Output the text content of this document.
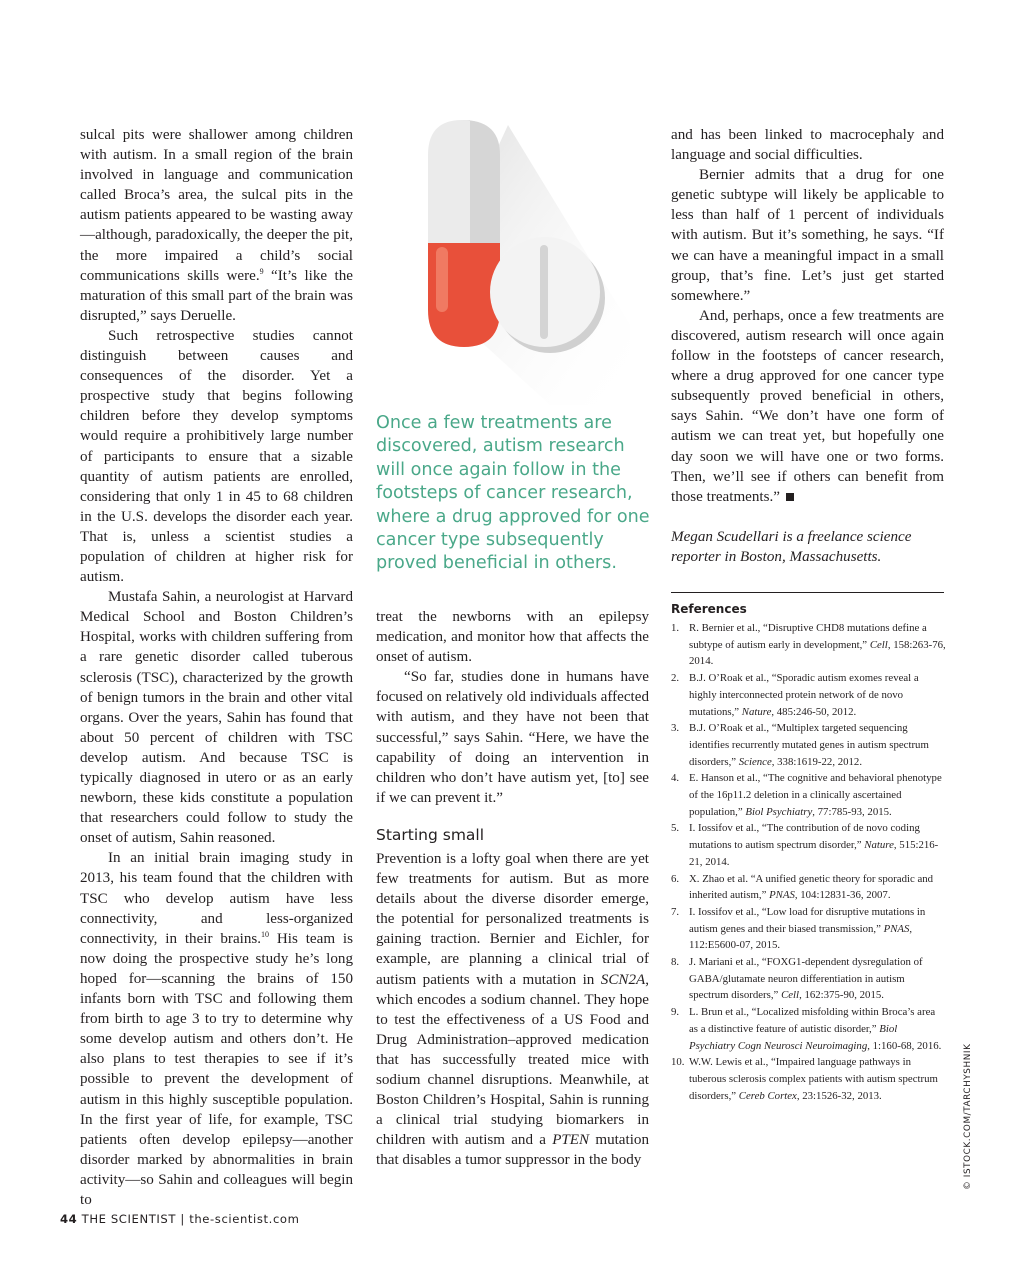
sulcal pits were shallower among children with autism. In a small region of the brain involved in language and communication called Broca’s area, the sulcal pits in the autism patients appeared to be wasting away—although, paradoxically, the deeper the pit, the more impaired a child’s social communications skills were.$^9$ “It’s like the maturation of this small part of the brain was disrupted,” says Deruelle.

Such retrospective studies cannot distinguish between causes and consequences of the disorder. Yet a prospective study that begins following children before they develop symptoms would require a prohibitively large number of participants to ensure that a sizable quantity of autism patients are enrolled, considering that only 1 in 45 to 68 children in the U.S. develops the disorder each year. That is, unless a scientist studies a population of children at higher risk for autism.

Mustafa Sahin, a neurologist at Harvard Medical School and Boston Children’s Hospital, works with children suffering from a rare genetic disorder called tuberous sclerosis (TSC), characterized by the growth of benign tumors in the brain and other vital organs. Over the years, Sahin has found that about 50 percent of children with TSC develop autism. And because TSC is typically diagnosed in utero or as an early newborn, these kids constitute a population that researchers could follow to study the onset of autism, Sahin reasoned.

In an initial brain imaging study in 2013, his team found that the children with TSC who develop autism have less connectivity, and less-organized connectivity, in their brains.$^{10}$ His team is now doing the prospective study he’s long hoped for—scanning the brains of 150 infants born with TSC and following them from birth to age 3 to try to determine why some develop autism and others don’t. He also plans to test therapies to see if it’s possible to prevent the development of autism in this highly susceptible population. In the first year of life, for example, TSC patients often develop epilepsy—another disorder marked by abnormalities in brain activity—so Sahin and colleagues will begin to

Once a few treatments are discovered, autism research will once again follow in the footsteps of cancer research, where a drug approved for one cancer type subsequently proved beneficial in others.

treat the newborns with an epilepsy medication, and monitor how that affects the onset of autism.

“So far, studies done in humans have focused on relatively old individuals affected with autism, and they have not been that successful,” says Sahin. “Here, we have the capability of doing an intervention in children who don’t have autism yet, [to] see if we can prevent it.”

Starting small

Prevention is a lofty goal when there are yet few treatments for autism. But as more details about the diverse disorder emerge, the potential for personalized treatments is gaining traction. Bernier and Eichler, for example, are planning a clinical trial of autism patients with a mutation in SCN2A, which encodes a sodium channel. They hope to test the effectiveness of a US Food and Drug Administration–approved medication that has successfully treated mice with sodium channel disruptions. Meanwhile, at Boston Children’s Hospital, Sahin is running a clinical trial studying biomarkers in children with autism and a PTEN mutation that disables a tumor suppressor in the body

and has been linked to macrocephaly and language and social difficulties.

Bernier admits that a drug for one genetic subtype will likely be applicable to less than half of 1 percent of individuals with autism. But it’s something, he says. “If we can have a meaningful impact in a small group, that’s fine. Let’s just get started somewhere.”

And, perhaps, once a few treatments are discovered, autism research will once again follow in the footsteps of cancer research, where a drug approved for one cancer type subsequently proved beneficial in others, says Sahin. “We don’t have one form of autism we can treat yet, but hopefully one day soon we will have one or two forms. Then, we’ll see if others can benefit from those treatments.”

Megan Scudellari is a freelance science reporter in Boston, Massachusetts.

References
1. R. Bernier et al., “Disruptive CHD8 mutations define a subtype of autism early in development,” Cell, 158:263-76, 2014.
2. B.J. O’Roak et al., “Sporadic autism exomes reveal a highly interconnected protein network of de novo mutations,” Nature, 485:246-50, 2012.
3. B.J. O’Roak et al., “Multiplex targeted sequencing identifies recurrently mutated genes in autism spectrum disorders,” Science, 338:1619-22, 2012.
4. E. Hanson et al., “The cognitive and behavioral phenotype of the 16p11.2 deletion in a clinically ascertained population,” Biol Psychiatry, 77:785-93, 2015.
5. I. Iossifov et al., “The contribution of de novo coding mutations to autism spectrum disorder,” Nature, 515:216-21, 2014.
6. X. Zhao et al. “A unified genetic theory for sporadic and inherited autism,” PNAS, 104:12831-36, 2007.
7. I. Iossifov et al., “Low load for disruptive mutations in autism genes and their biased transmission,” PNAS, 112:E5600-07, 2015.
8. J. Mariani et al., “FOXG1-dependent dysregulation of GABA/glutamate neuron differentiation in autism spectrum disorders,” Cell, 162:375-90, 2015.
9. L. Brun et al., “Localized misfolding within Broca’s area as a distinctive feature of autistic disorder,” Biol Psychiatry Cogn Neurosci Neuroimaging, 1:160-68, 2016.
10. W.W. Lewis et al., “Impaired language pathways in tuberous sclerosis complex patients with autism spectrum disorders,” Cereb Cortex, 23:1526-32, 2013.
44 THE SCIENTIST | the-scientist.com
© ISTOCK.COM/TARCHYSHNIK
